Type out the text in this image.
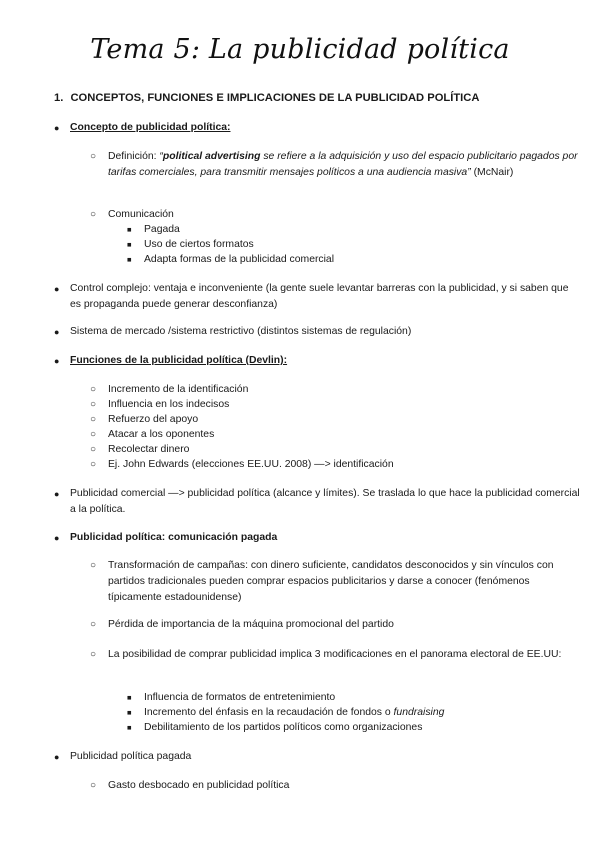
Tema 5: La publicidad política
1. CONCEPTOS, FUNCIONES E IMPLICACIONES DE LA PUBLICIDAD POLÍTICA
● Concepto de publicidad política:
○ Definición: “political advertising se refiere a la adquisición y uso del espacio publicitario pagados por tarifas comerciales, para transmitir mensajes políticos a una audiencia masiva” (McNair)
○ Comunicación
■ Pagada
■ Uso de ciertos formatos
■ Adapta formas de la publicidad comercial
● Control complejo: ventaja e inconveniente (la gente suele levantar barreras con la publicidad, y si saben que es propaganda puede generar desconfianza)
● Sistema de mercado /sistema restrictivo (distintos sistemas de regulación)
● Funciones de la publicidad política (Devlin):
○ Incremento de la identificación
○ Influencia en los indecisos
○ Refuerzo del apoyo
○ Atacar a los oponentes
○ Recolectar dinero
○ Ej. John Edwards (elecciones EE.UU. 2008) —> identificación
● Publicidad comercial —> publicidad política (alcance y límites). Se traslada lo que hace la publicidad comercial a la política.
● Publicidad política: comunicación pagada
○ Transformación de campañas: con dinero suficiente, candidatos desconocidos y sin vínculos con partidos tradicionales pueden comprar espacios publicitarios y darse a conocer (fenómenos típicamente estadounidense)
○ Pérdida de importancia de la máquina promocional del partido
○ La posibilidad de comprar publicidad implica 3 modificaciones en el panorama electoral de EE.UU:
■ Influencia de formatos de entretenimiento
■ Incremento del énfasis en la recaudación de fondos o fundraising
■ Debilitamiento de los partidos políticos como organizaciones
● Publicidad política pagada
○ Gasto desbocado en publicidad política
